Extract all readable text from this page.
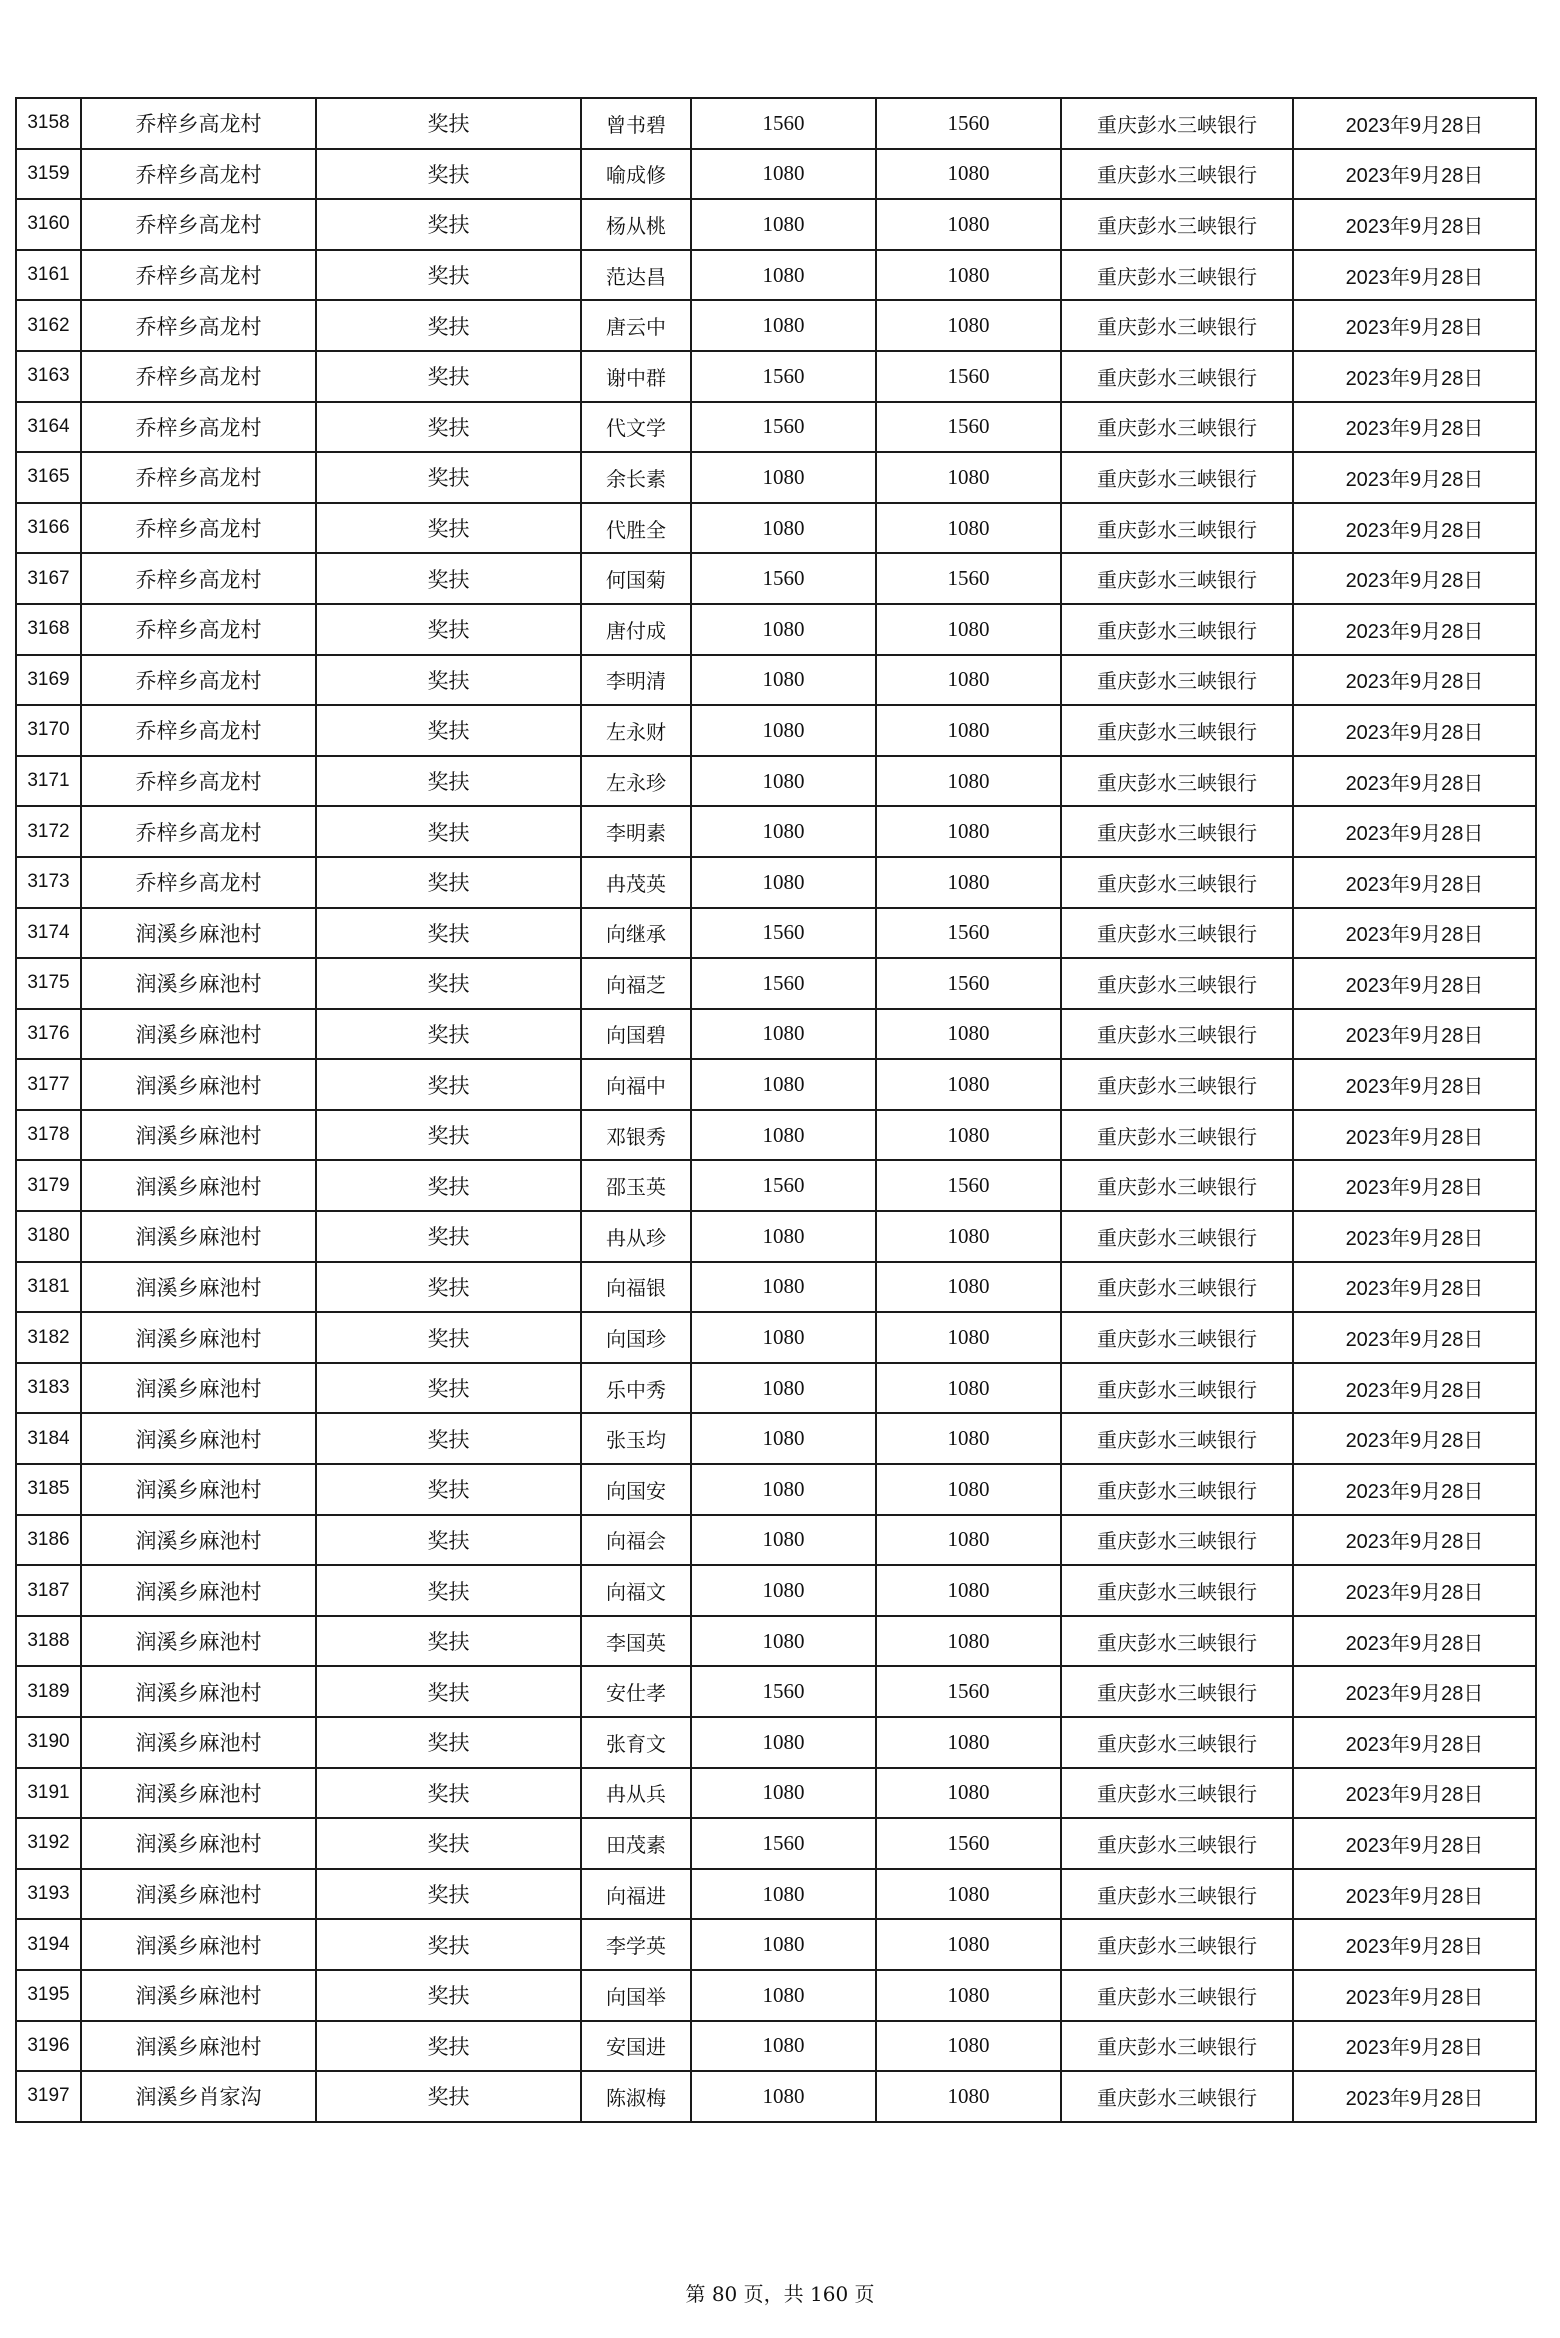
3158	乔梓乡高龙村	奖扶	曾书碧	1560	1560	重庆彭水三峡银行	2023年9月28日
3159	乔梓乡高龙村	奖扶	喻成修	1080	1080	重庆彭水三峡银行	2023年9月28日
3160	乔梓乡高龙村	奖扶	杨从桃	1080	1080	重庆彭水三峡银行	2023年9月28日
3161	乔梓乡高龙村	奖扶	范达昌	1080	1080	重庆彭水三峡银行	2023年9月28日
3162	乔梓乡高龙村	奖扶	唐云中	1080	1080	重庆彭水三峡银行	2023年9月28日
3163	乔梓乡高龙村	奖扶	谢中群	1560	1560	重庆彭水三峡银行	2023年9月28日
3164	乔梓乡高龙村	奖扶	代文学	1560	1560	重庆彭水三峡银行	2023年9月28日
3165	乔梓乡高龙村	奖扶	余长素	1080	1080	重庆彭水三峡银行	2023年9月28日
3166	乔梓乡高龙村	奖扶	代胜全	1080	1080	重庆彭水三峡银行	2023年9月28日
3167	乔梓乡高龙村	奖扶	何国菊	1560	1560	重庆彭水三峡银行	2023年9月28日
3168	乔梓乡高龙村	奖扶	唐付成	1080	1080	重庆彭水三峡银行	2023年9月28日
3169	乔梓乡高龙村	奖扶	李明清	1080	1080	重庆彭水三峡银行	2023年9月28日
3170	乔梓乡高龙村	奖扶	左永财	1080	1080	重庆彭水三峡银行	2023年9月28日
3171	乔梓乡高龙村	奖扶	左永珍	1080	1080	重庆彭水三峡银行	2023年9月28日
3172	乔梓乡高龙村	奖扶	李明素	1080	1080	重庆彭水三峡银行	2023年9月28日
3173	乔梓乡高龙村	奖扶	冉茂英	1080	1080	重庆彭水三峡银行	2023年9月28日
3174	润溪乡麻池村	奖扶	向继承	1560	1560	重庆彭水三峡银行	2023年9月28日
3175	润溪乡麻池村	奖扶	向福芝	1560	1560	重庆彭水三峡银行	2023年9月28日
3176	润溪乡麻池村	奖扶	向国碧	1080	1080	重庆彭水三峡银行	2023年9月28日
3177	润溪乡麻池村	奖扶	向福中	1080	1080	重庆彭水三峡银行	2023年9月28日
3178	润溪乡麻池村	奖扶	邓银秀	1080	1080	重庆彭水三峡银行	2023年9月28日
3179	润溪乡麻池村	奖扶	邵玉英	1560	1560	重庆彭水三峡银行	2023年9月28日
3180	润溪乡麻池村	奖扶	冉从珍	1080	1080	重庆彭水三峡银行	2023年9月28日
3181	润溪乡麻池村	奖扶	向福银	1080	1080	重庆彭水三峡银行	2023年9月28日
3182	润溪乡麻池村	奖扶	向国珍	1080	1080	重庆彭水三峡银行	2023年9月28日
3183	润溪乡麻池村	奖扶	乐中秀	1080	1080	重庆彭水三峡银行	2023年9月28日
3184	润溪乡麻池村	奖扶	张玉均	1080	1080	重庆彭水三峡银行	2023年9月28日
3185	润溪乡麻池村	奖扶	向国安	1080	1080	重庆彭水三峡银行	2023年9月28日
3186	润溪乡麻池村	奖扶	向福会	1080	1080	重庆彭水三峡银行	2023年9月28日
3187	润溪乡麻池村	奖扶	向福文	1080	1080	重庆彭水三峡银行	2023年9月28日
3188	润溪乡麻池村	奖扶	李国英	1080	1080	重庆彭水三峡银行	2023年9月28日
3189	润溪乡麻池村	奖扶	安仕孝	1560	1560	重庆彭水三峡银行	2023年9月28日
3190	润溪乡麻池村	奖扶	张育文	1080	1080	重庆彭水三峡银行	2023年9月28日
3191	润溪乡麻池村	奖扶	冉从兵	1080	1080	重庆彭水三峡银行	2023年9月28日
3192	润溪乡麻池村	奖扶	田茂素	1560	1560	重庆彭水三峡银行	2023年9月28日
3193	润溪乡麻池村	奖扶	向福进	1080	1080	重庆彭水三峡银行	2023年9月28日
3194	润溪乡麻池村	奖扶	李学英	1080	1080	重庆彭水三峡银行	2023年9月28日
3195	润溪乡麻池村	奖扶	向国举	1080	1080	重庆彭水三峡银行	2023年9月28日
3196	润溪乡麻池村	奖扶	安国进	1080	1080	重庆彭水三峡银行	2023年9月28日
3197	润溪乡肖家沟	奖扶	陈淑梅	1080	1080	重庆彭水三峡银行	2023年9月28日
第 80 页，共 160 页
